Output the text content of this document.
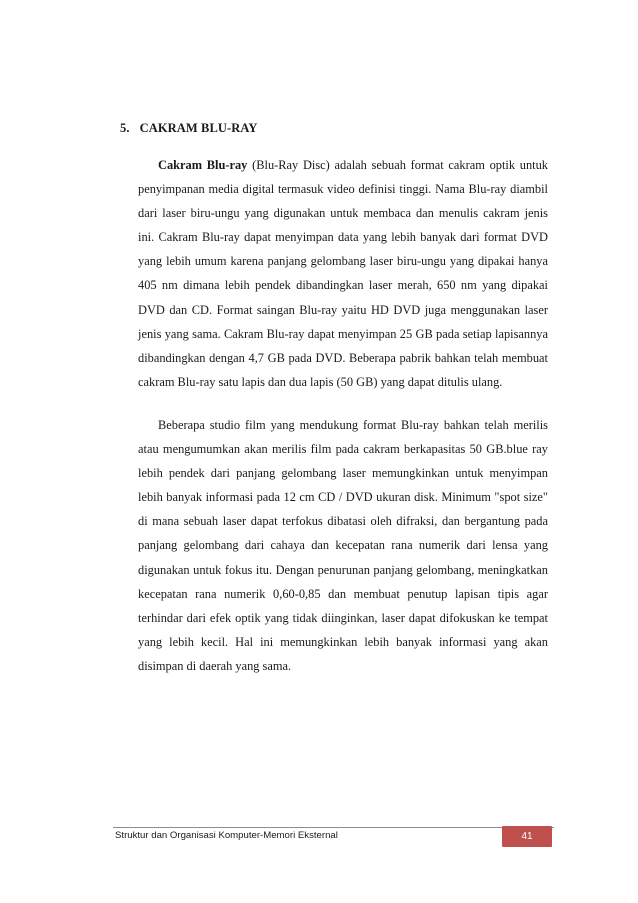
5. CAKRAM BLU-RAY

Cakram Blu-ray (Blu-Ray Disc) adalah sebuah format cakram optik untuk penyimpanan media digital termasuk video definisi tinggi. Nama Blu-ray diambil dari laser biru-ungu yang digunakan untuk membaca dan menulis cakram jenis ini. Cakram Blu-ray dapat menyimpan data yang lebih banyak dari format DVD yang lebih umum karena panjang gelombang laser biru-ungu yang dipakai hanya 405 nm dimana lebih pendek dibandingkan laser merah, 650 nm yang dipakai DVD dan CD. Format saingan Blu-ray yaitu HD DVD juga menggunakan laser jenis yang sama. Cakram Blu-ray dapat menyimpan 25 GB pada setiap lapisannya dibandingkan dengan 4,7 GB pada DVD. Beberapa pabrik bahkan telah membuat cakram Blu-ray satu lapis dan dua lapis (50 GB) yang dapat ditulis ulang.

Beberapa studio film yang mendukung format Blu-ray bahkan telah merilis atau mengumumkan akan merilis film pada cakram berkapasitas 50 GB.blue ray lebih pendek dari panjang gelombang laser memungkinkan untuk menyimpan lebih banyak informasi pada 12 cm CD / DVD ukuran disk. Minimum "spot size" di mana sebuah laser dapat terfokus dibatasi oleh difraksi, dan bergantung pada panjang gelombang dari cahaya dan kecepatan rana numerik dari lensa yang digunakan untuk fokus itu. Dengan penurunan panjang gelombang, meningkatkan kecepatan rana numerik 0,60-0,85 dan membuat penutup lapisan tipis agar terhindar dari efek optik yang tidak diinginkan, laser dapat difokuskan ke tempat yang lebih kecil. Hal ini memungkinkan lebih banyak informasi yang akan disimpan di daerah yang sama.

Struktur dan Organisasi Komputer-Memori Eksternal	41
